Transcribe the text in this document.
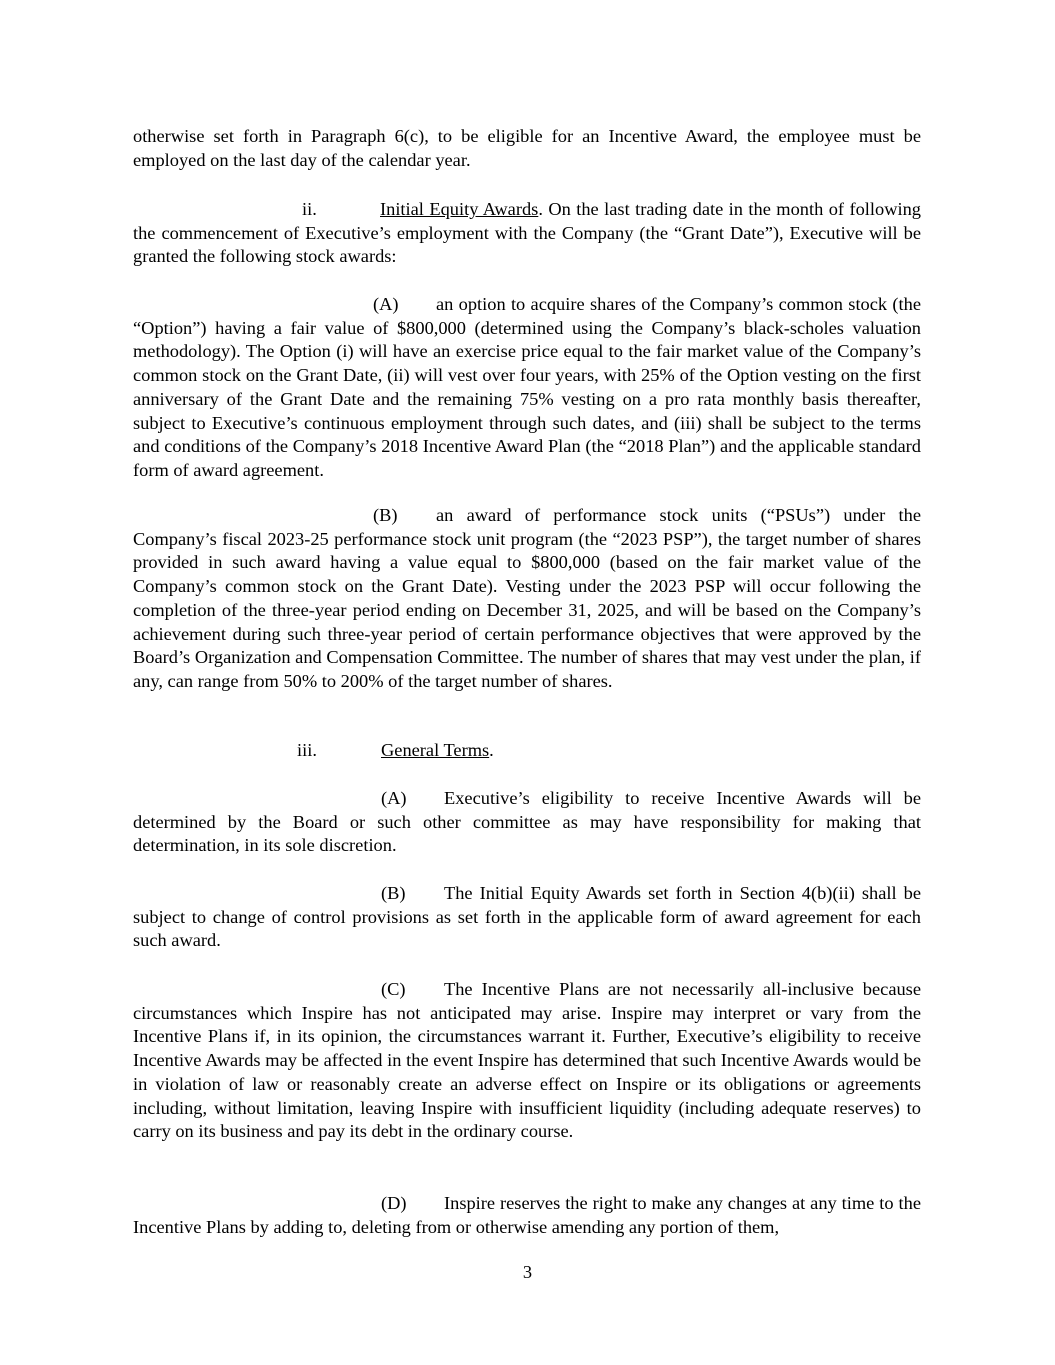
otherwise set forth in Paragraph 6(c), to be eligible for an Incentive Award, the employee must be employed on the last day of the calendar year.

ii.	Initial Equity Awards. On the last trading date in the month of following the commencement of Executive’s employment with the Company (the “Grant Date”), Executive will be granted the following stock awards:

(A) an option to acquire shares of the Company’s common stock (the “Option”) having a fair value of $800,000 (determined using the Company’s black-scholes valuation methodology). The Option (i) will have an exercise price equal to the fair market value of the Company’s common stock on the Grant Date, (ii) will vest over four years, with 25% of the Option vesting on the first anniversary of the Grant Date and the remaining 75% vesting on a pro rata monthly basis thereafter, subject to Executive’s continuous employment through such dates, and (iii) shall be subject to the terms and conditions of the Company’s 2018 Incentive Award Plan (the “2018 Plan”) and the applicable standard form of award agreement.

(B) an award of performance stock units (“PSUs”) under the Company’s fiscal 2023-25 performance stock unit program (the “2023 PSP”), the target number of shares provided in such award having a value equal to $800,000 (based on the fair market value of the Company’s common stock on the Grant Date). Vesting under the 2023 PSP will occur following the completion of the three-year period ending on December 31, 2025, and will be based on the Company’s achievement during such three-year period of certain performance objectives that were approved by the Board’s Organization and Compensation Committee. The number of shares that may vest under the plan, if any, can range from 50% to 200% of the target number of shares.

iii.	General Terms.

(A) Executive’s eligibility to receive Incentive Awards will be determined by the Board or such other committee as may have responsibility for making that determination, in its sole discretion.

(B) The Initial Equity Awards set forth in Section 4(b)(ii) shall be subject to change of control provisions as set forth in the applicable form of award agreement for each such award.

(C) The Incentive Plans are not necessarily all-inclusive because circumstances which Inspire has not anticipated may arise. Inspire may interpret or vary from the Incentive Plans if, in its opinion, the circumstances warrant it. Further, Executive’s eligibility to receive Incentive Awards may be affected in the event Inspire has determined that such Incentive Awards would be in violation of law or reasonably create an adverse effect on Inspire or its obligations or agreements including, without limitation, leaving Inspire with insufficient liquidity (including adequate reserves) to carry on its business and pay its debt in the ordinary course.

(D) Inspire reserves the right to make any changes at any time to the Incentive Plans by adding to, deleting from or otherwise amending any portion of them,

3
